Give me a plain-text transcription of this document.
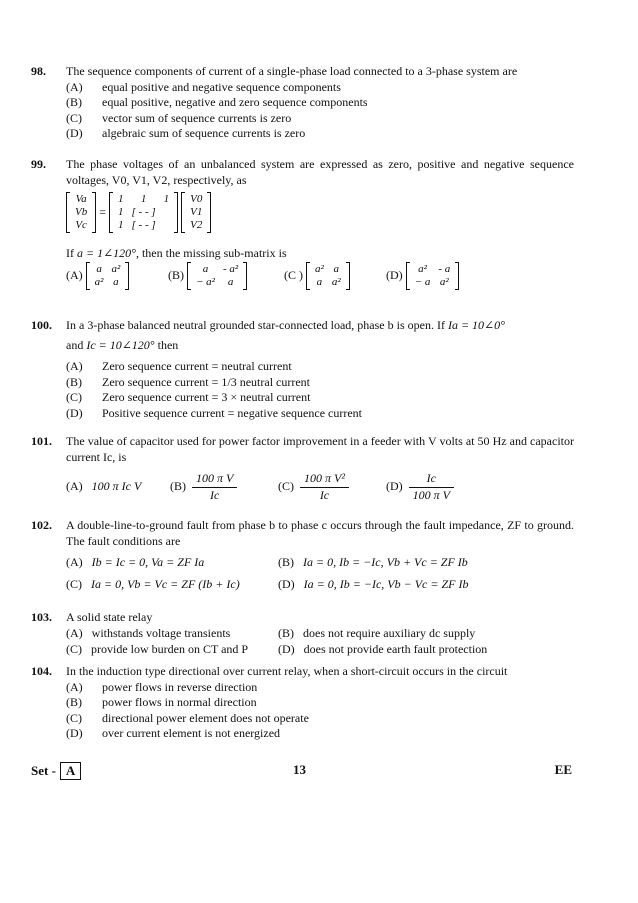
98. The sequence components of current of a single-phase load connected to a 3-phase system are
(A) equal positive and negative sequence components
(B) equal positive, negative and zero sequence components
(C) vector sum of sequence currents is zero
(D) algebraic sum of sequence currents is zero
99. The phase voltages of an unbalanced system are expressed as zero, positive and negative sequence voltages, V0, V1, V2, respectively, as
Va
Vb
Vc
=
1	1	1
1	[ - - ]	
1	[ - - ]	

V0
V1
V2
If a = 1∠120°, then the missing sub-matrix is
(A) a	a²
a²	a
(B) a	- a²
− a²	a
(C ) a²	a
a	a²
(D) a²	- a
− a	a²
100. In a 3-phase balanced neutral grounded star-connected load, phase b is open. If Ia = 10∠0°
and Ic = 10∠120° then
(A) Zero sequence current = neutral current
(B) Zero sequence current = 1/3 neutral current
(C) Zero sequence current = 3 × neutral current
(D) Positive sequence current = negative sequence current
101. The value of capacitor used for power factor improvement in a feeder with V volts at 50 Hz and capacitor current Ic, is
(A) 100 π Ic V $(B) \frac{\text{100 π V}}{Ic}$	$(C) \frac{\text{100 π V²}}{Ic}$	$(D) \frac{Ic}{\text{100 π V}}$
102. A double-line-to-ground fault from phase b to phase c occurs through the fault impedance, ZF to ground. The fault conditions are
(A) Ib = Ic = 0, Va = ZF Ia	(B) Ia = 0, Ib = −Ic, Vb + Vc = ZF Ib
(C) Ia = 0, Vb = Vc = ZF (Ib + Ic)	(D) Ia = 0, Ib = −Ic, Vb − Vc = ZF Ib
103. A solid state relay
(A) withstands voltage transients	(B) does not require auxiliary dc supply
(C) provide low burden on CT and P (D) does not provide earth fault protection
104. In the induction type directional over current relay, when a short-circuit occurs in the circuit
(A) power flows in reverse direction
(B) power flows in normal direction
(C) directional power element does not operate
(D) over current element is not energized
Set - A	13	EE
